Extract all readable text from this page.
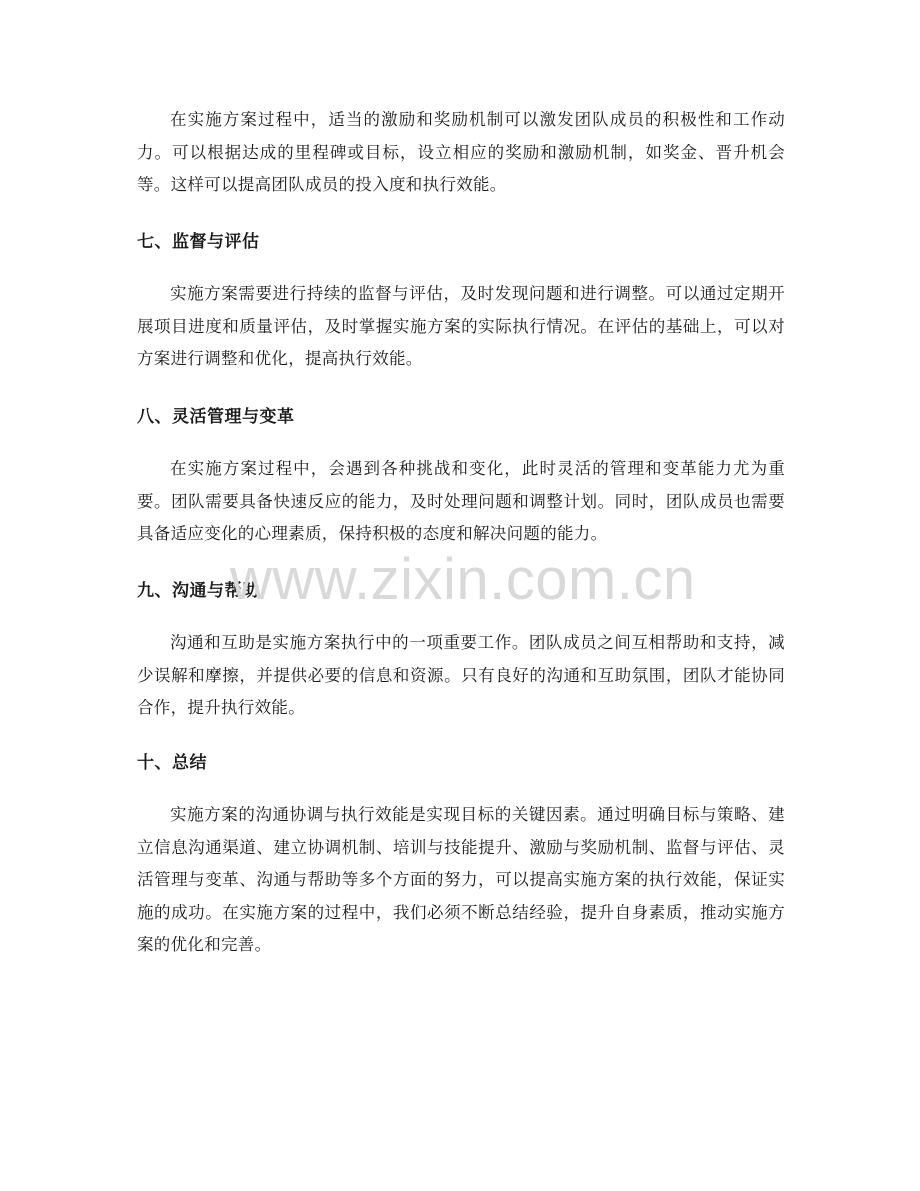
在实施方案过程中，适当的激励和奖励机制可以激发团队成员的积极性和工作动力。可以根据达成的里程碑或目标，设立相应的奖励和激励机制，如奖金、晋升机会等。这样可以提高团队成员的投入度和执行效能。

七、监督与评估

实施方案需要进行持续的监督与评估，及时发现问题和进行调整。可以通过定期开展项目进度和质量评估，及时掌握实施方案的实际执行情况。在评估的基础上，可以对方案进行调整和优化，提高执行效能。

八、灵活管理与变革

在实施方案过程中，会遇到各种挑战和变化，此时灵活的管理和变革能力尤为重要。团队需要具备快速反应的能力，及时处理问题和调整计划。同时，团队成员也需要具备适应变化的心理素质，保持积极的态度和解决问题的能力。

九、沟通与帮助

沟通和互助是实施方案执行中的一项重要工作。团队成员之间互相帮助和支持，减少误解和摩擦，并提供必要的信息和资源。只有良好的沟通和互助氛围，团队才能协同合作，提升执行效能。

十、总结

实施方案的沟通协调与执行效能是实现目标的关键因素。通过明确目标与策略、建立信息沟通渠道、建立协调机制、培训与技能提升、激励与奖励机制、监督与评估、灵活管理与变革、沟通与帮助等多个方面的努力，可以提高实施方案的执行效能，保证实施的成功。在实施方案的过程中，我们必须不断总结经验，提升自身素质，推动实施方案的优化和完善。

www.zixin.com.cn
